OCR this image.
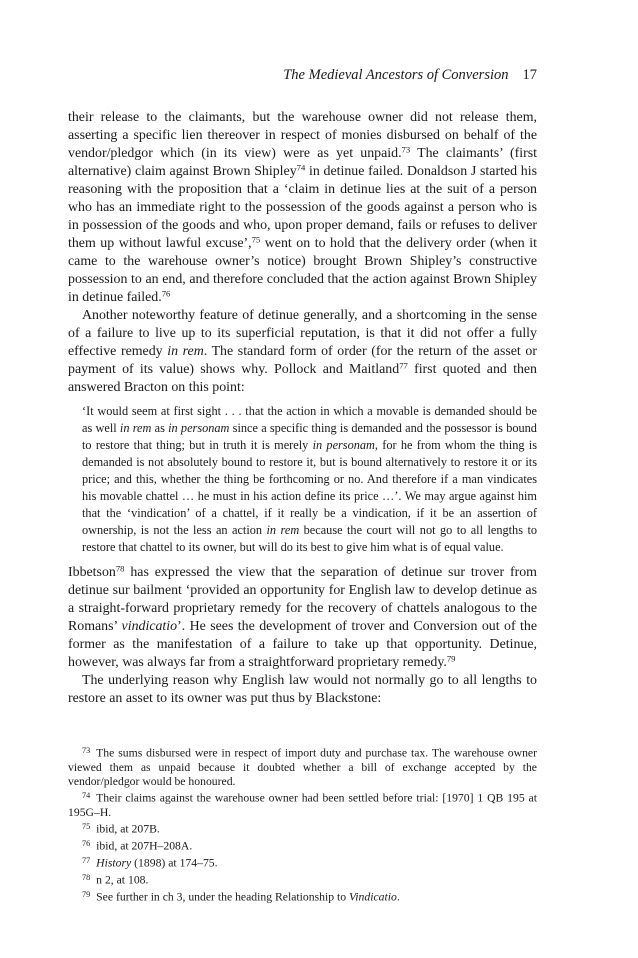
The Medieval Ancestors of Conversion 17

their release to the claimants, but the warehouse owner did not release them, asserting a specific lien thereover in respect of monies disbursed on behalf of the vendor/pledgor which (in its view) were as yet unpaid.$^{73}$ The claimants’ (first alternative) claim against Brown Shipley$^{74}$ in detinue failed. Donaldson J started his reasoning with the proposition that a ‘claim in detinue lies at the suit of a person who has an immediate right to the possession of the goods against a person who is in possession of the goods and who, upon proper demand, fails or refuses to deliver them up without lawful excuse’,$^{75}$ went on to hold that the delivery order (when it came to the warehouse owner’s notice) brought Brown Shipley’s constructive possession to an end, and therefore concluded that the action against Brown Shipley in detinue failed.$^{76}$

Another noteworthy feature of detinue generally, and a shortcoming in the sense of a failure to live up to its superficial reputation, is that it did not offer a fully effective remedy in rem. The standard form of order (for the return of the asset or payment of its value) shows why. Pollock and Maitland$^{77}$ first quoted and then answered Bracton on this point:

‘It would seem at first sight . . . that the action in which a movable is demanded should be as well in rem as in personam since a specific thing is demanded and the possessor is bound to restore that thing; but in truth it is merely in personam, for he from whom the thing is demanded is not absolutely bound to restore it, but is bound alternatively to restore it or its price; and this, whether the thing be forthcoming or no. And therefore if a man vindicates his movable chattel … he must in his action define its price …’. We may argue against him that the ‘vindication’ of a chattel, if it really be a vindication, if it be an assertion of ownership, is not the less an action in rem because the court will not go to all lengths to restore that chattel to its owner, but will do its best to give him what is of equal value.

Ibbetson$^{78}$ has expressed the view that the separation of detinue sur trover from detinue sur bailment ‘provided an opportunity for English law to develop detinue as a straight-forward proprietary remedy for the recovery of chattels analogous to the Romans’ vindicatio’. He sees the development of trover and Conversion out of the former as the manifestation of a failure to take up that opportunity. Detinue, however, was always far from a straightforward proprietary remedy.$^{79}$

The underlying reason why English law would not normally go to all lengths to restore an asset to its owner was put thus by Blackstone:

$^{73}$ The sums disbursed were in respect of import duty and purchase tax. The warehouse owner viewed them as unpaid because it doubted whether a bill of exchange accepted by the vendor/pledgor would be honoured.

$^{74}$ Their claims against the warehouse owner had been settled before trial: [1970] 1 QB 195 at 195G–H.

$^{75}$ ibid, at 207B.

$^{76}$ ibid, at 207H–208A.

$^{77}$ History (1898) at 174–75.

$^{78}$ n 2, at 108.

$^{79}$ See further in ch 3, under the heading Relationship to Vindicatio.
